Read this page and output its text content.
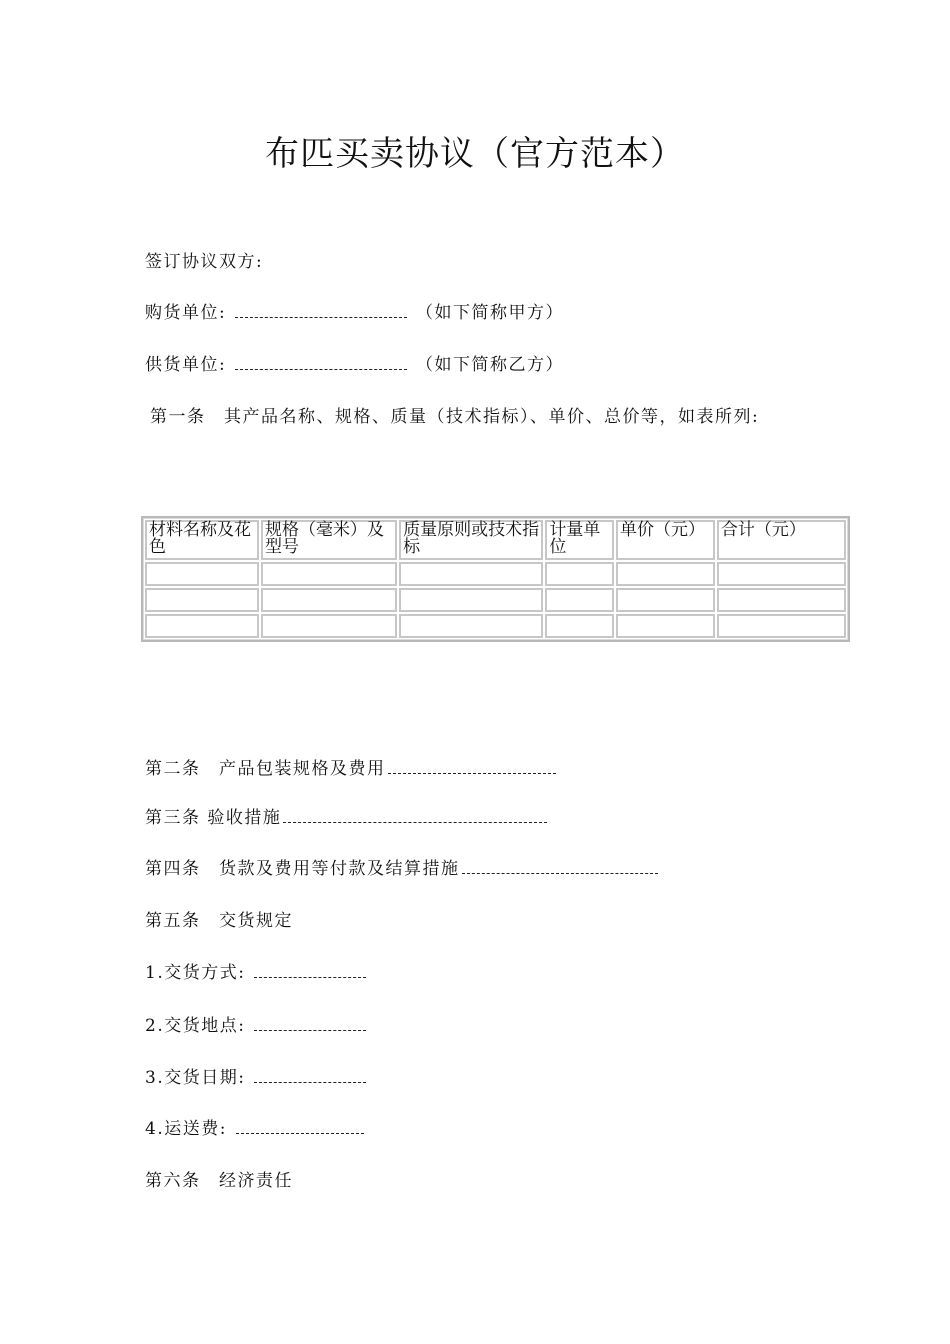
布匹买卖协议（官方范本）
签订协议双方:
购货单位:	（如下简称甲方）
供货单位:	（如下简称乙方）
第一条　其产品名称、规格、质量（技术指标）、单价、总价等，如表所列:
材料名称及花色	规格（毫米）及型号	质量原则或技术指标	计量单位	单价（元）	合计（元）

第二条　产品包装规格及费用
第三条 验收措施
第四条　货款及费用等付款及结算措施
第五条　交货规定
1.交货方式:
2.交货地点:
3.交货日期:
4.运送费:
第六条　经济责任
